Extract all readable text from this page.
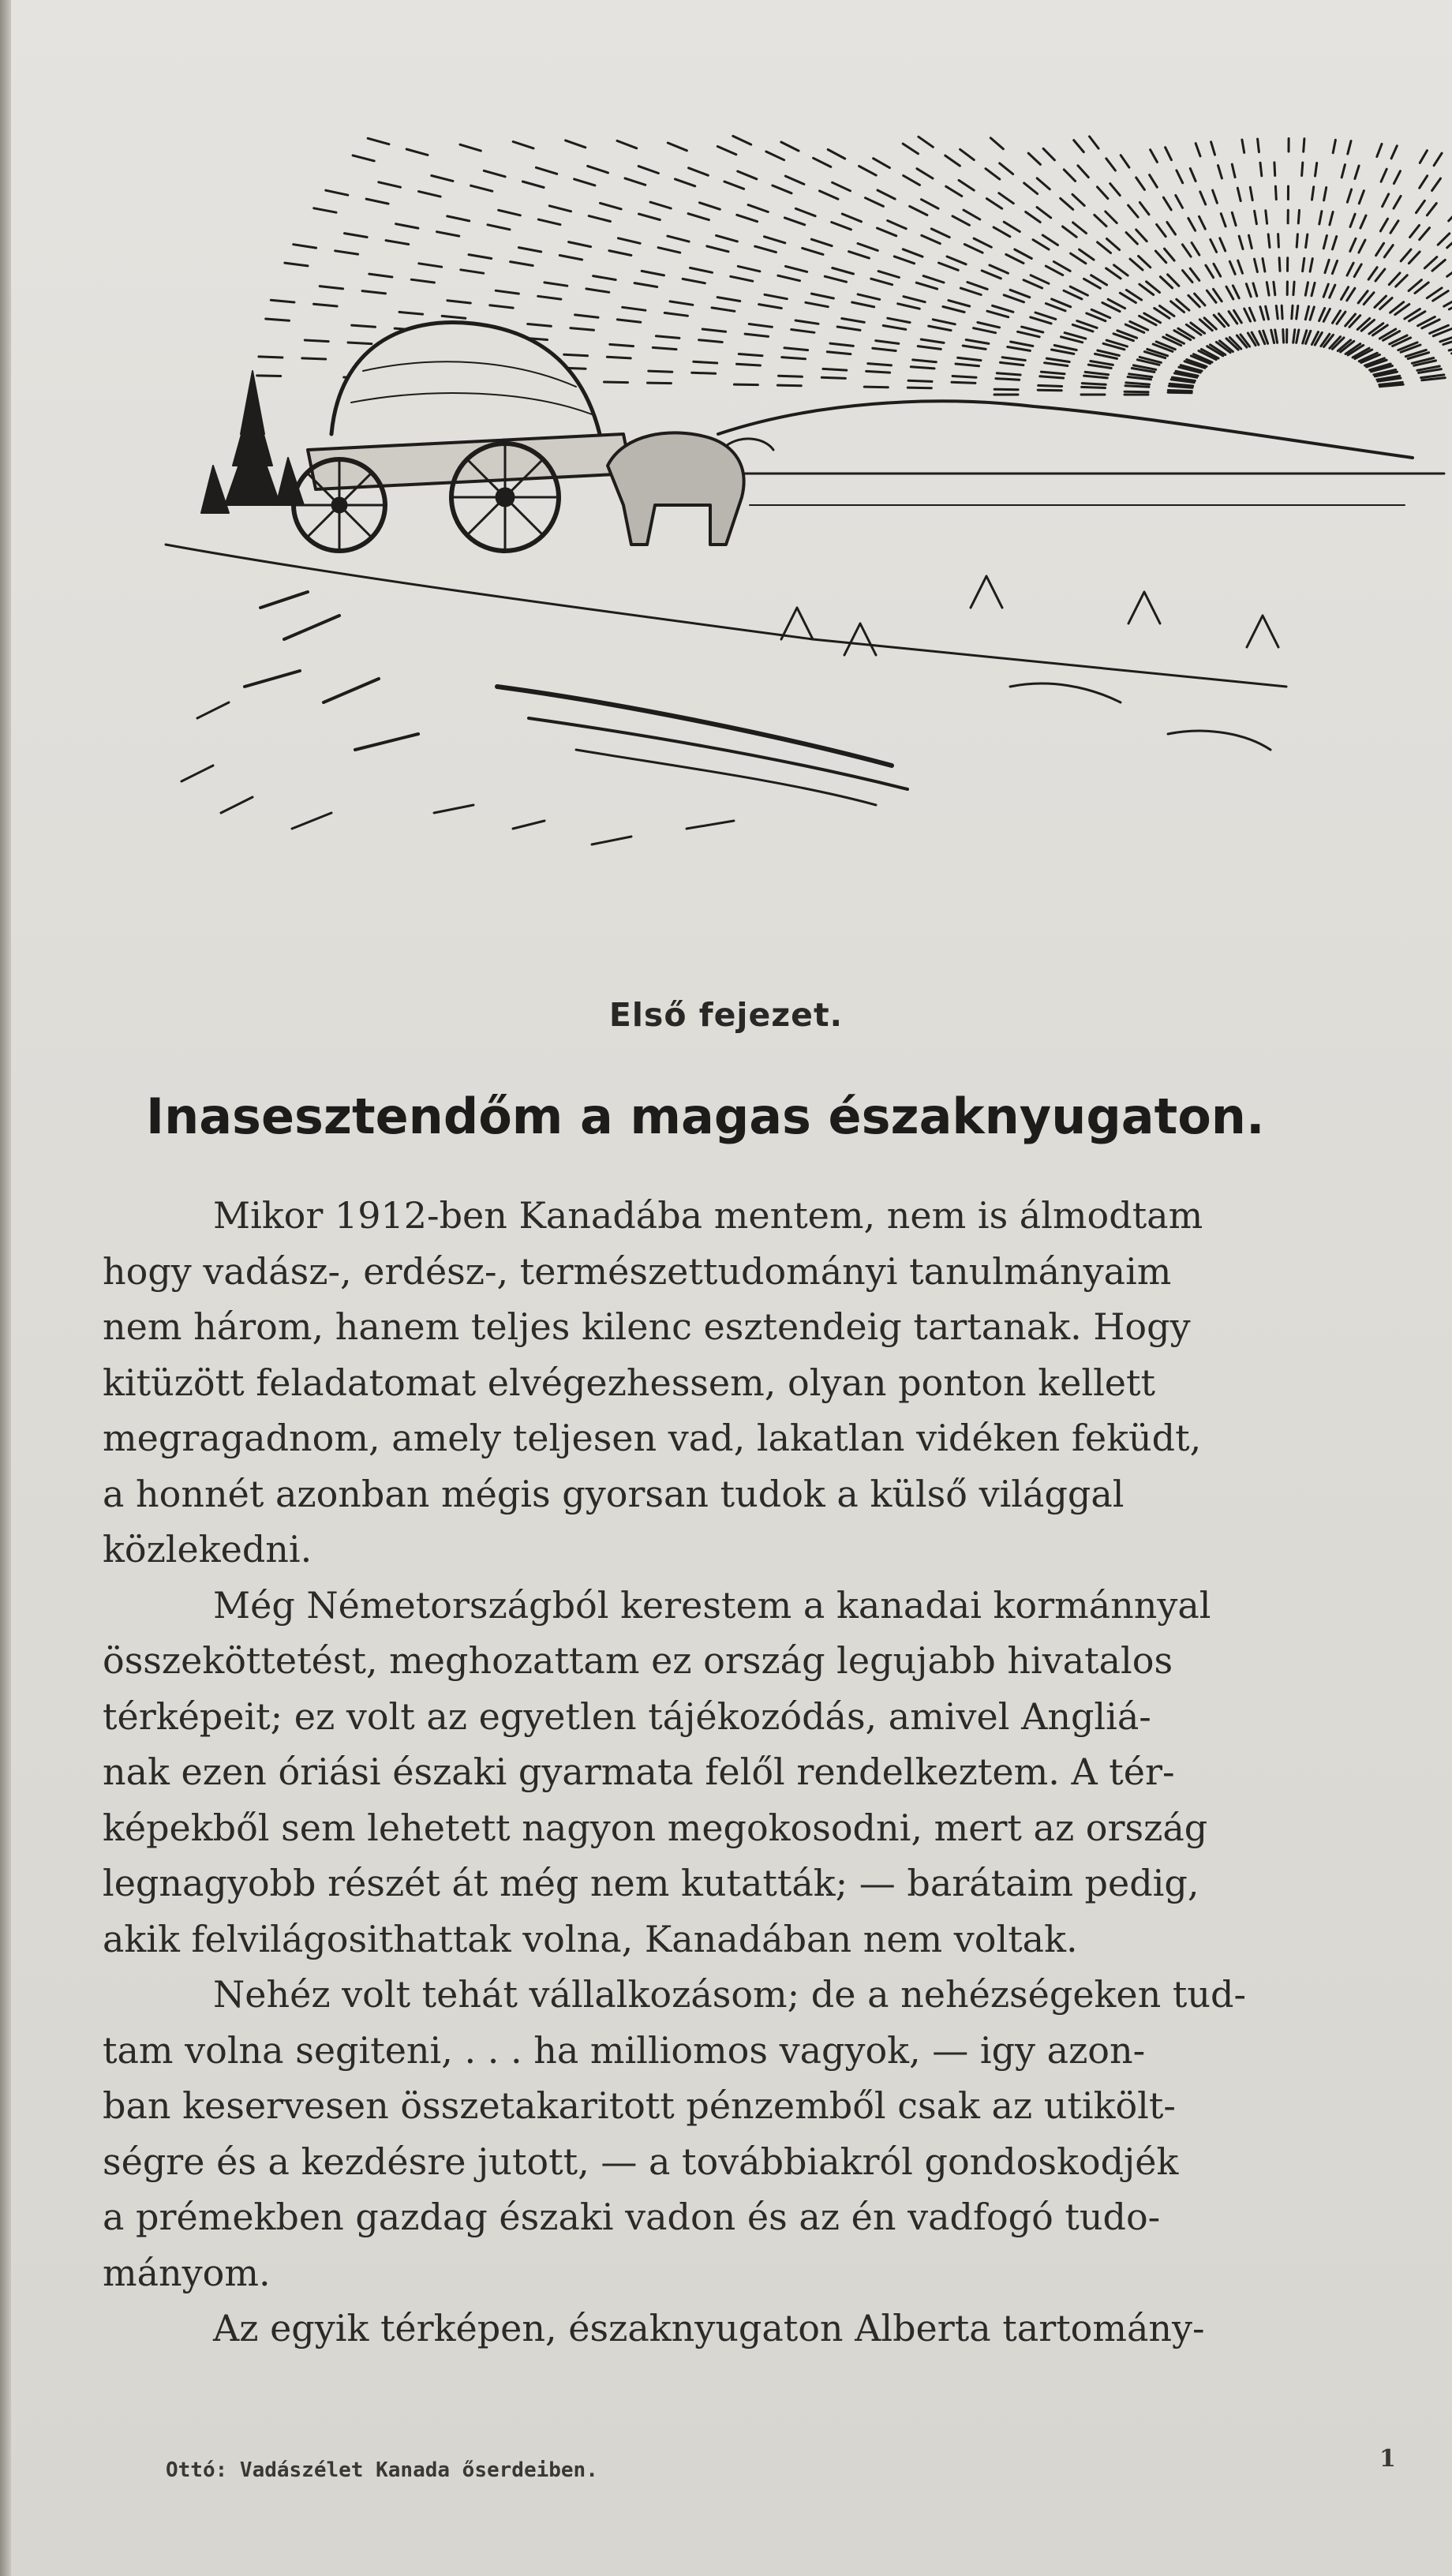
Első fejezet.
Inasesztendőm a magas északnyugaton.
Mikor 1912-ben Kanadába mentem, nem is álmodtam
hogy vadász-, erdész-, természettudományi tanulmányaim
nem három, hanem teljes kilenc esztendeig tartanak. Hogy
kitüzött feladatomat elvégezhessem, olyan ponton kellett
megragadnom, amely teljesen vad, lakatlan vidéken feküdt,
a honnét azonban mégis gyorsan tudok a külső világgal
közlekedni.
Még Németországból kerestem a kanadai kormánnyal
összeköttetést, meghozattam ez ország legujabb hivatalos
térképeit; ez volt az egyetlen tájékozódás, amivel Angliá-
nak ezen óriási északi gyarmata felől rendelkeztem. A tér-
képekből sem lehetett nagyon megokosodni, mert az ország
legnagyobb részét át még nem kutatták; — barátaim pedig,
akik felvilágosithattak volna, Kanadában nem voltak.
Nehéz volt tehát vállalkozásom; de a nehézségeken tud-
tam volna segiteni, . . . ha milliomos vagyok, — igy azon-
ban keservesen összetakaritott pénzemből csak az utikölt-
ségre és a kezdésre jutott, — a továbbiakról gondoskodjék
a prémekben gazdag északi vadon és az én vadfogó tudo-
mányom.
Az egyik térképen, északnyugaton Alberta tartomány-
Ottó: Vadászélet Kanada őserdeiben.	1
